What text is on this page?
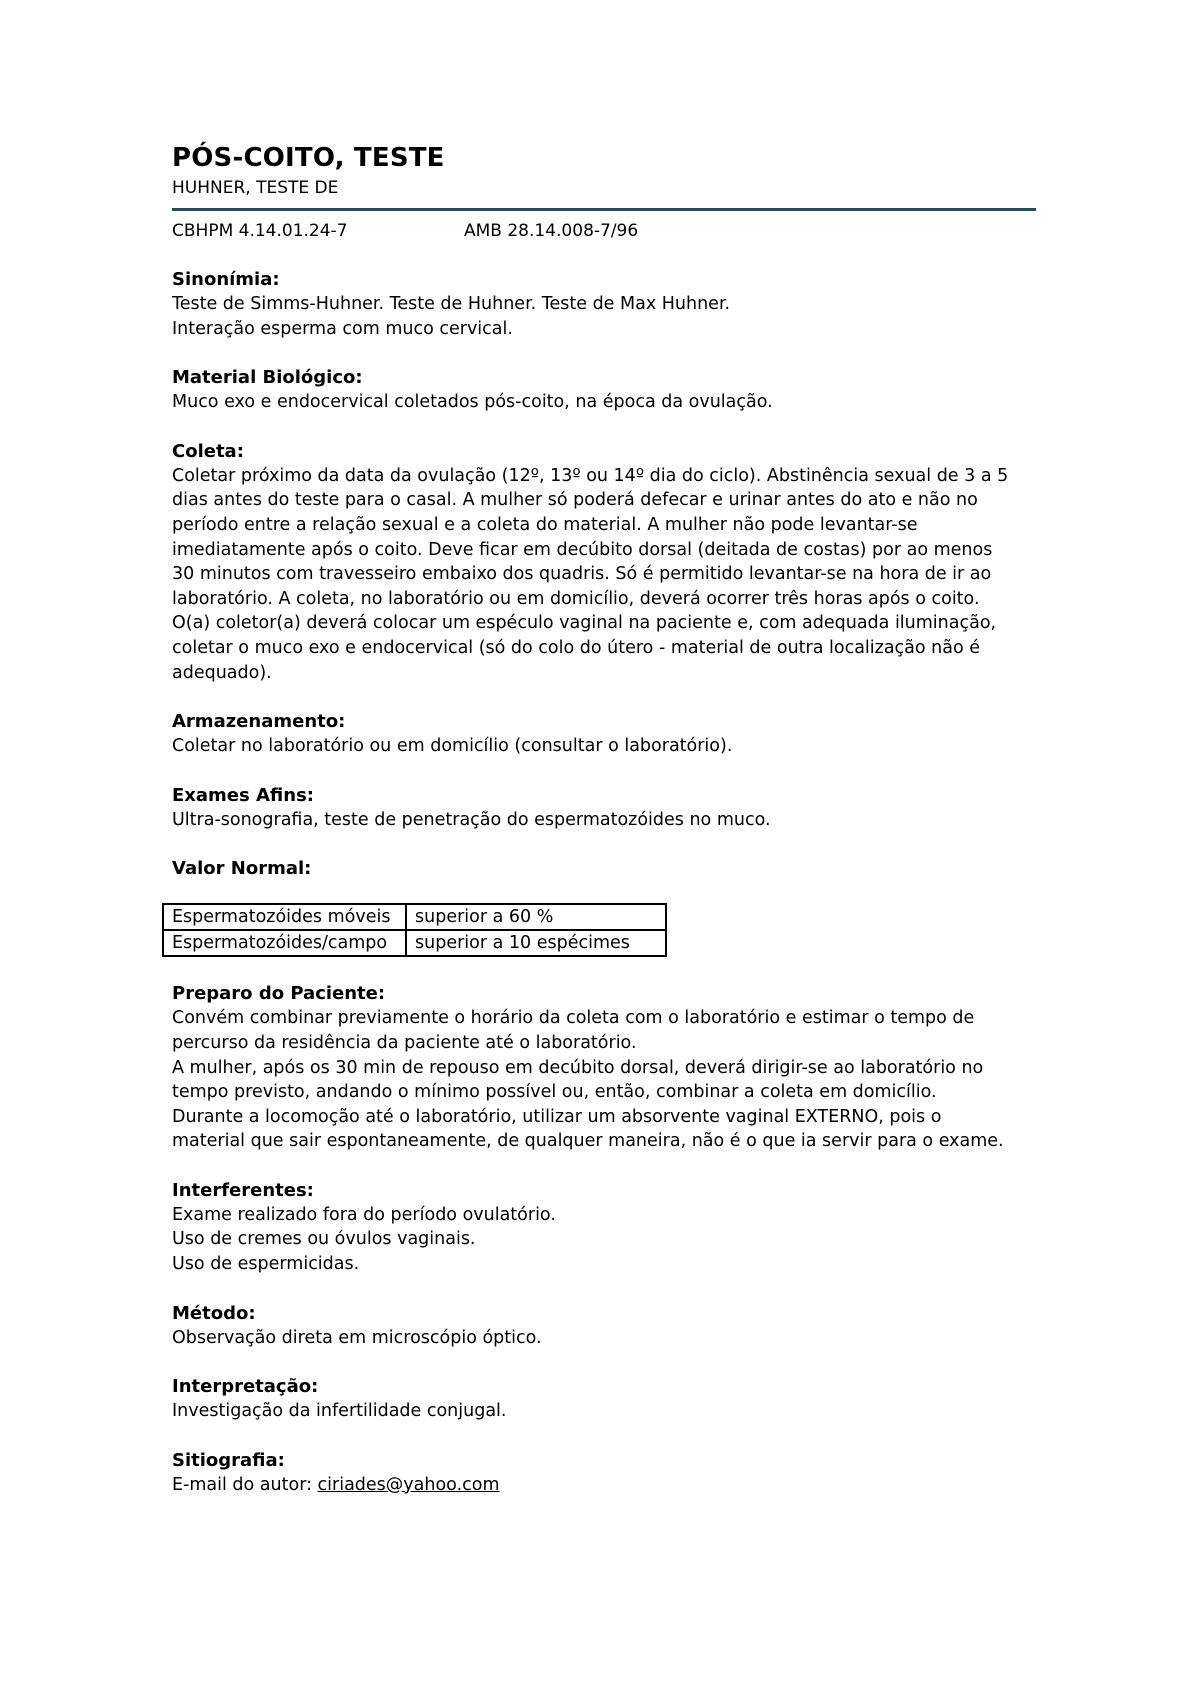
PÓS-COITO, TESTE

HUHNER, TESTE DE

CBHPM 4.14.01.24-7	AMB 28.14.008-7/96
Sinonímia:

Teste de Simms-Huhner. Teste de Huhner. Teste de Max Huhner.

Interação esperma com muco cervical.

Material Biológico:

Muco exo e endocervical coletados pós-coito, na época da ovulação.

Coleta:

Coletar próximo da data da ovulação (12º, 13º ou 14º dia do ciclo). Abstinência sexual de 3 a 5

dias antes do teste para o casal. A mulher só poderá defecar e urinar antes do ato e não no

período entre a relação sexual e a coleta do material. A mulher não pode levantar-se

imediatamente após o coito. Deve ficar em decúbito dorsal (deitada de costas) por ao menos

30 minutos com travesseiro embaixo dos quadris. Só é permitido levantar-se na hora de ir ao

laboratório. A coleta, no laboratório ou em domicílio, deverá ocorrer três horas após o coito.

O(a) coletor(a) deverá colocar um espéculo vaginal na paciente e, com adequada iluminação,

coletar o muco exo e endocervical (só do colo do útero - material de outra localização não é

adequado).

Armazenamento:

Coletar no laboratório ou em domicílio (consultar o laboratório).

Exames Afins:

Ultra-sonografia, teste de penetração do espermatozóides no muco.

Valor Normal:
Espermatozóides móveis	superior a 60 %
Espermatozóides/campo	superior a 10 espécimes
Preparo do Paciente:

Convém combinar previamente o horário da coleta com o laboratório e estimar o tempo de

percurso da residência da paciente até o laboratório.

A mulher, após os 30 min de repouso em decúbito dorsal, deverá dirigir-se ao laboratório no

tempo previsto, andando o mínimo possível ou, então, combinar a coleta em domicílio.

Durante a locomoção até o laboratório, utilizar um absorvente vaginal EXTERNO, pois o

material que sair espontaneamente, de qualquer maneira, não é o que ia servir para o exame.

Interferentes:

Exame realizado fora do período ovulatório.

Uso de cremes ou óvulos vaginais.

Uso de espermicidas.

Método:

Observação direta em microscópio óptico.

Interpretação:

Investigação da infertilidade conjugal.

Sitiografia:

E-mail do autor: ciriades@yahoo.com
